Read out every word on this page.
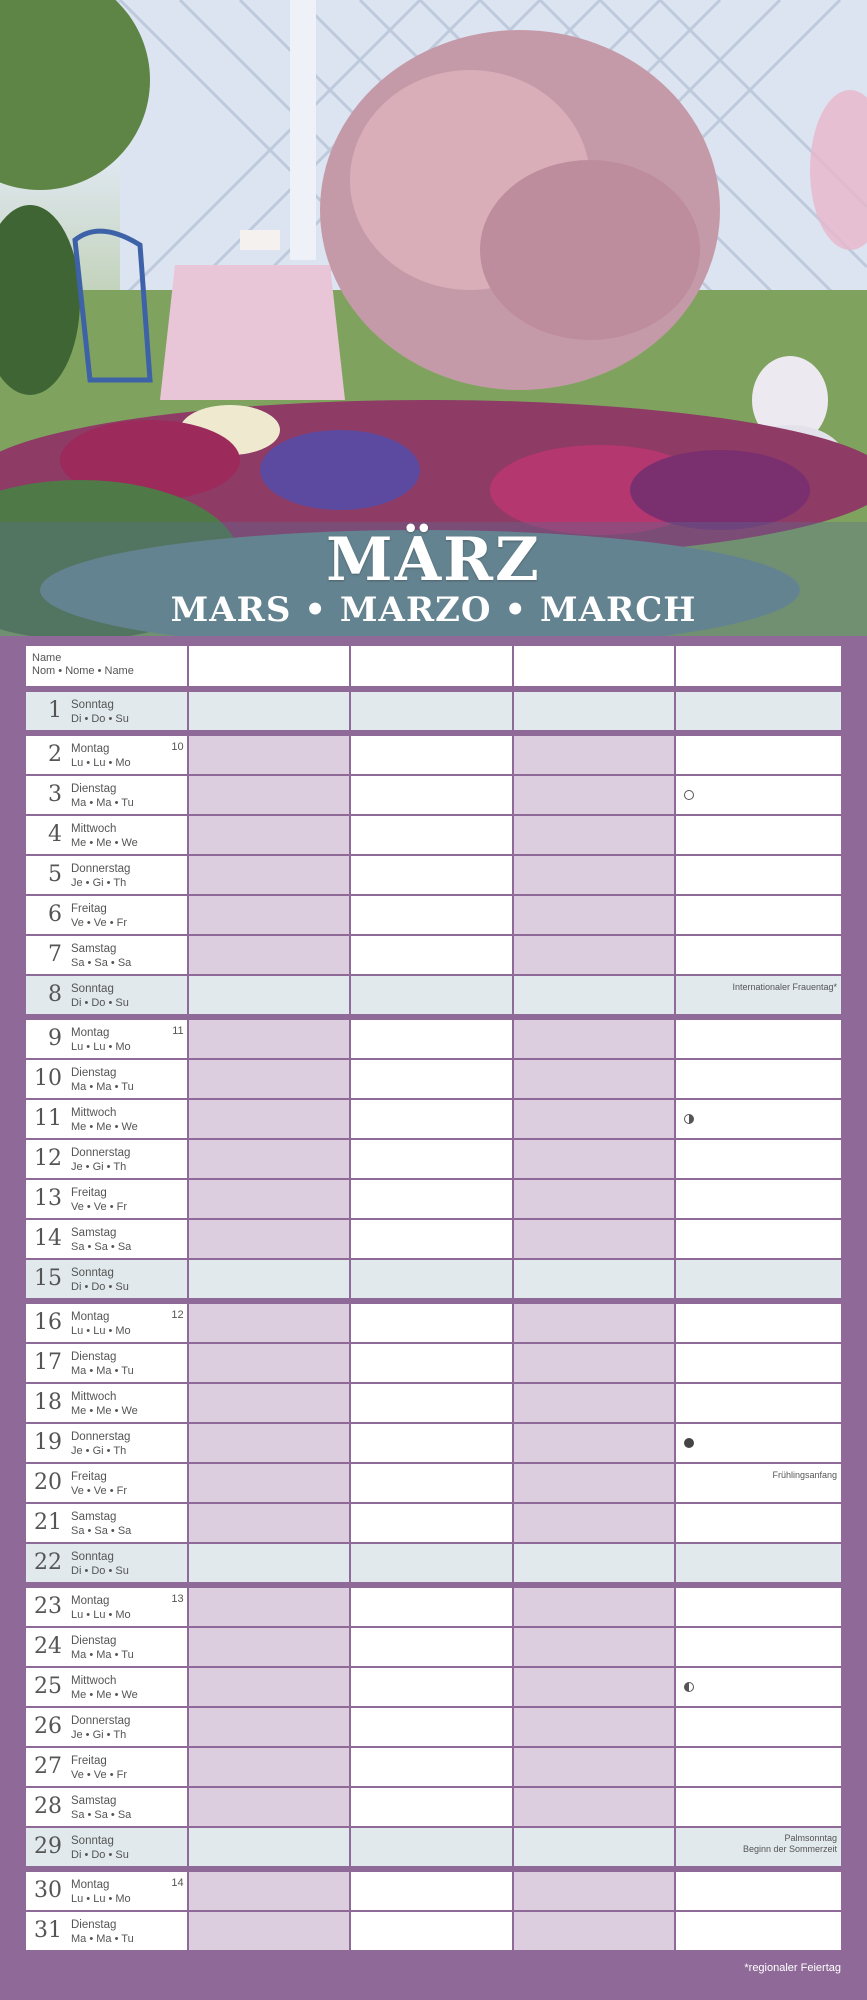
MÄRZ
MARS • MARZO • MARCH
Name
Nom • Nome • Name
1 Sonntag
Di • Do • Su
2 Montag
Lu • Lu • Mo
10
3 Dienstag
Ma • Ma • Tu
4 Mittwoch
Me • Me • We
5 Donnerstag
Je • Gi • Th
6 Freitag
Ve • Ve • Fr
7 Samstag
Sa • Sa • Sa
8 Sonntag
Di • Do • Su
Internationaler Frauentag*
9 Montag
Lu • Lu • Mo
11
10 Dienstag
Ma • Ma • Tu
11 Mittwoch
Me • Me • We
12 Donnerstag
Je • Gi • Th
13 Freitag
Ve • Ve • Fr
14 Samstag
Sa • Sa • Sa
15 Sonntag
Di • Do • Su
16 Montag
Lu • Lu • Mo
12
17 Dienstag
Ma • Ma • Tu
18 Mittwoch
Me • Me • We
19 Donnerstag
Je • Gi • Th
20 Freitag
Ve • Ve • Fr
Frühlingsanfang
21 Samstag
Sa • Sa • Sa
22 Sonntag
Di • Do • Su
23 Montag
Lu • Lu • Mo
13
24 Dienstag
Ma • Ma • Tu
25 Mittwoch
Me • Me • We
26 Donnerstag
Je • Gi • Th
27 Freitag
Ve • Ve • Fr
28 Samstag
Sa • Sa • Sa
29 Sonntag
Di • Do • Su
Palmsonntag
Beginn der Sommerzeit
30 Montag
Lu • Lu • Mo
14
31 Dienstag
Ma • Ma • Tu	15. Mothering Sunday, GB
*regionaler Feiertag
